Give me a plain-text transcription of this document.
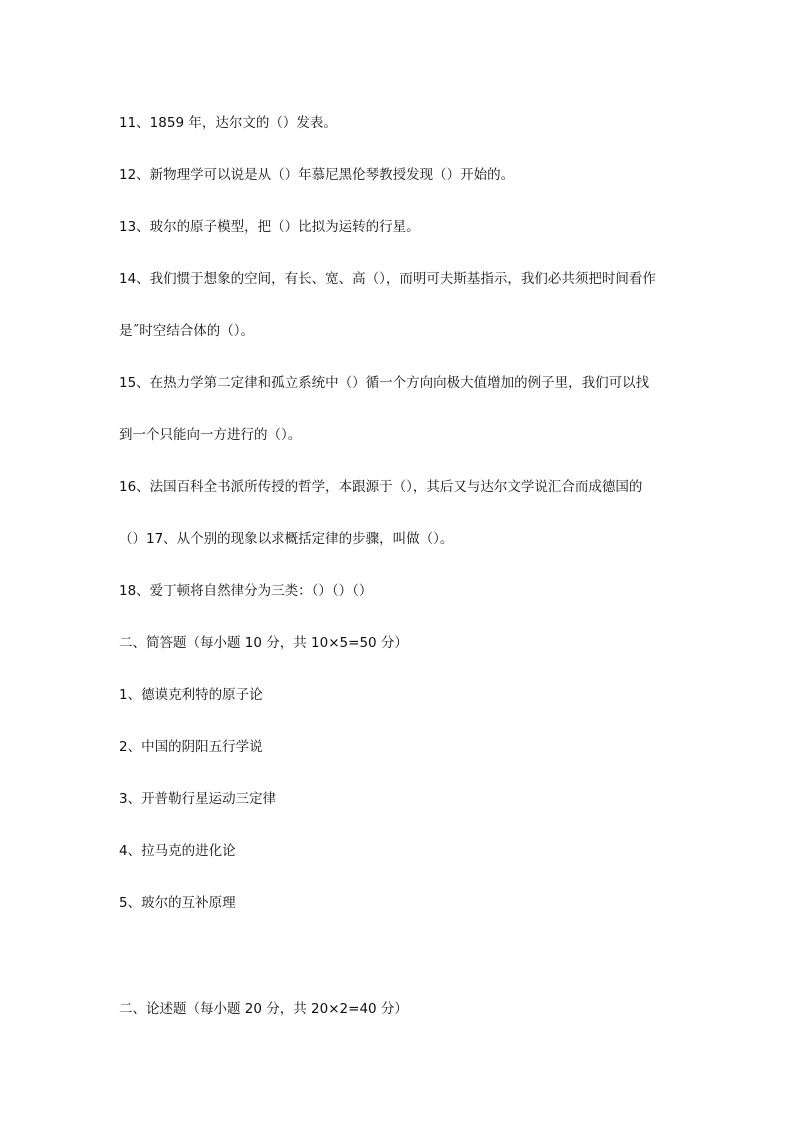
11、1859 年，达尔文的（）发表。
12、新物理学可以说是从（）年慕尼黑伦琴教授发现（）开始的。
13、玻尔的原子模型，把（）比拟为运转的行星。
14、我们惯于想象的空间，有长、宽、高（），而明可夫斯基指示，我们必共须把时间看作
是˝时空结合体的（）。
15、在热力学第二定律和孤立系统中（）循一个方向向极大值增加的例子里，我们可以找
到一个只能向一方进行的（）。
16、法国百科全书派所传授的哲学，本跟源于（），其后又与达尔文学说汇合而成德国的
（）17、从个别的现象以求概括定律的步骤，叫做（）。
18、爱丁顿将自然律分为三类：（）（）（）
二、简答题（每小题 10 分，共 10×5=50 分）
1、德谟克利特的原子论
2、中国的阴阳五行学说
3、开普勒行星运动三定律
4、拉马克的进化论
5、玻尔的互补原理
二、论述题（每小题 20 分，共 20×2=40 分）
